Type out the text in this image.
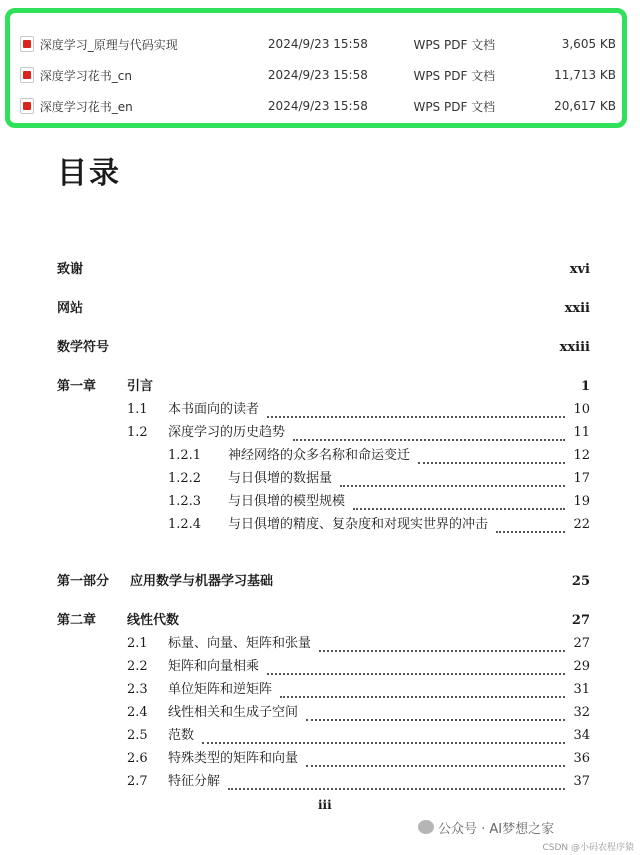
深度学习_原理与代码实现	2024/9/23 15:58	WPS PDF 文档	3,605 KB
深度学习花书_cn	2024/9/23 15:58	WPS PDF 文档	11,713 KB
深度学习花书_en	2024/9/23 15:58	WPS PDF 文档	20,617 KB
目录
致谢	xvi
网站	xxii
数学符号	xxiii
第一章 引言	1
1.1 本书面向的读者	10
1.2 深度学习的历史趋势	11
1.2.1 神经网络的众多名称和命运变迁	12
1.2.2 与日俱增的数据量	17
1.2.3 与日俱增的模型规模	19
1.2.4 与日俱增的精度、复杂度和对现实世界的冲击	22
第一部分 应用数学与机器学习基础	25
第二章 线性代数	27
2.1 标量、向量、矩阵和张量	27
2.2 矩阵和向量相乘	29
2.3 单位矩阵和逆矩阵	31
2.4 线性相关和生成子空间	32
2.5 范数	34
2.6 特殊类型的矩阵和向量	36
2.7 特征分解	37
iii
公众号 · AI梦想之家
CSDN @小码农程序猿
